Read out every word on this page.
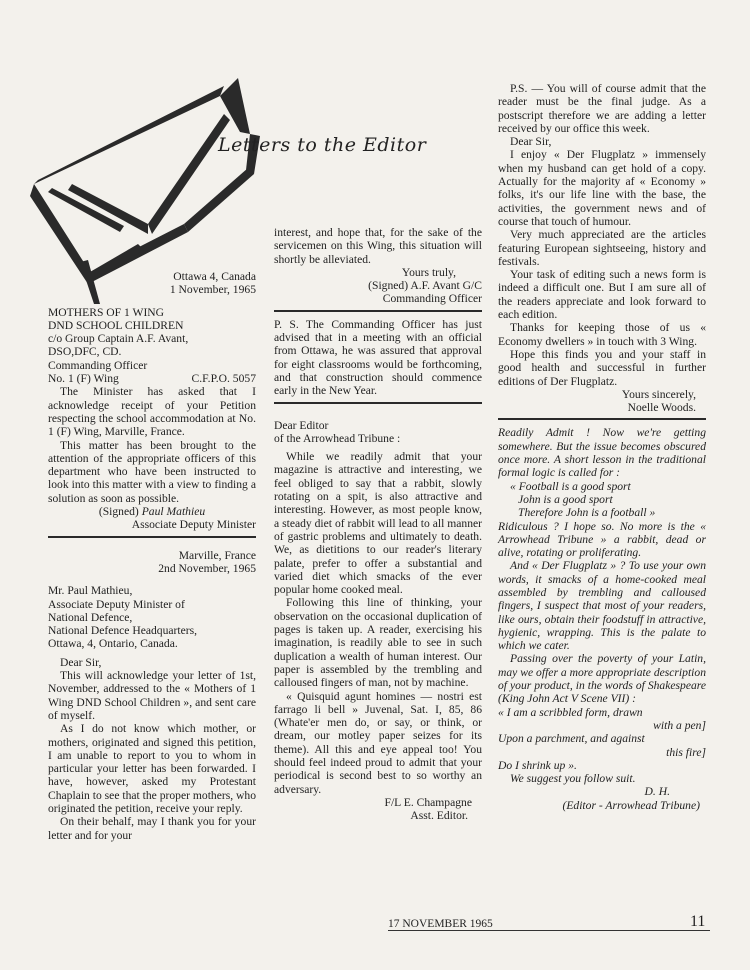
Letters to the Editor

Ottawa 4, Canada

1 November, 1965

MOTHERS OF 1 WING

DND SCHOOL CHILDREN

c/o Group Captain A.F. Avant,

DSO,DFC, CD.

Commanding Officer

No. 1 (F) Wing	C.F.P.O. 5057

The Minister has asked that I acknowledge receipt of your Petition respecting the school accommodation at No. 1 (F) Wing, Marville, France.

This matter has been brought to the attention of the appropriate officers of this department who have been instructed to look into this matter with a view to finding a solution as soon as possible.

(Signed) Paul Mathieu

Associate Deputy Minister

Marville, France

2nd November, 1965

Mr. Paul Mathieu,

Associate Deputy Minister of

National Defence,

National Defence Headquarters,

Ottawa, 4, Ontario, Canada.

Dear Sir,

This will acknowledge your letter of 1st, November, addressed to the « Mothers of 1 Wing DND School Children », and sent care of myself.

As I do not know which mother, or mothers, originated and signed this petition, I am unable to report to you to whom in particular your letter has been forwarded. I have, however, asked my Protestant Chaplain to see that the proper mothers, who originated the petition, receive your reply.

On their behalf, may I thank you for your letter and for your

interest, and hope that, for the sake of the servicemen on this Wing, this situation will shortly be alleviated.

Yours truly,

(Signed) A.F. Avant G/C

Commanding Officer

P. S. The Commanding Officer has just advised that in a meeting with an official from Ottawa, he was assured that approval for eight classrooms would be forthcoming, and that construction should commence early in the New Year.

Dear Editor

of the Arrowhead Tribune :

While we readily admit that your magazine is attractive and interesting, we feel obliged to say that a rabbit, slowly rotating on a spit, is also attractive and interesting. However, as most people know, a steady diet of rabbit will lead to all manner of gastric problems and ultimately to death. We, as dietitions to our reader's literary palate, prefer to offer a substantial and varied diet which smacks of the ever popular home cooked meal.

Following this line of thinking, your observation on the occasional duplication of pages is taken up. A reader, exercising his imagination, is readily able to see in such duplication a wealth of human interest. Our paper is assembled by the trembling and calloused fingers of man, not by machine.

« Quisquid agunt homines — nostri est farrago li bell » Juvenal, Sat. I, 85, 86 (Whate'er men do, or say, or think, or dream, our motley paper seizes for its theme). All this and eye appeal too! You should feel indeed proud to admit that your periodical is second best to so worthy an adversary.

F/L E. Champagne

Asst. Editor.

P.S. — You will of course admit that the reader must be the final judge. As a postscript therefore we are adding a letter received by our office this week.

Dear Sir,

I enjoy « Der Flugplatz » immensely when my husband can get hold of a copy. Actually for the majority af « Economy » folks, it's our life line with the base, the activities, the government news and of course that touch of humour.

Very much appreciated are the articles featuring European sightseeing, history and festivals.

Your task of editing such a news form is indeed a difficult one. But I am sure all of the readers appreciate and look forward to each edition.

Thanks for keeping those of us « Economy dwellers » in touch with 3 Wing.

Hope this finds you and your staff in good health and successful in further editions of Der Flugplatz.

Yours sincerely,

Noelle Woods.

Readily Admit ! Now we're getting somewhere. But the issue becomes obscured once more. A short lesson in the traditional formal logic is called for :

« Football is a good sport

John is a good sport

Therefore John is a football »

Ridiculous ? I hope so. No more is the « Arrowhead Tribune » a rabbit, dead or alive, rotating or proliferating.

And « Der Flugplatz » ? To use your own words, it smacks of a home-cooked meal assembled by trembling and calloused fingers, I suspect that most of your readers, like ours, obtain their foodstuff in attractive, hygienic, wrapping. This is the palate to which we cater.

Passing over the poverty of your Latin, may we offer a more appropriate description of your product, in the words of Shakespeare (King John Act V Scene VII) :

« I am a scribbled form, drawn

with a pen]

Upon a parchment, and against

this fire]

Do I shrink up ».

We suggest you follow suit.

D. H.

(Editor - Arrowhead Tribune)

17 NOVEMBER 1965	11
